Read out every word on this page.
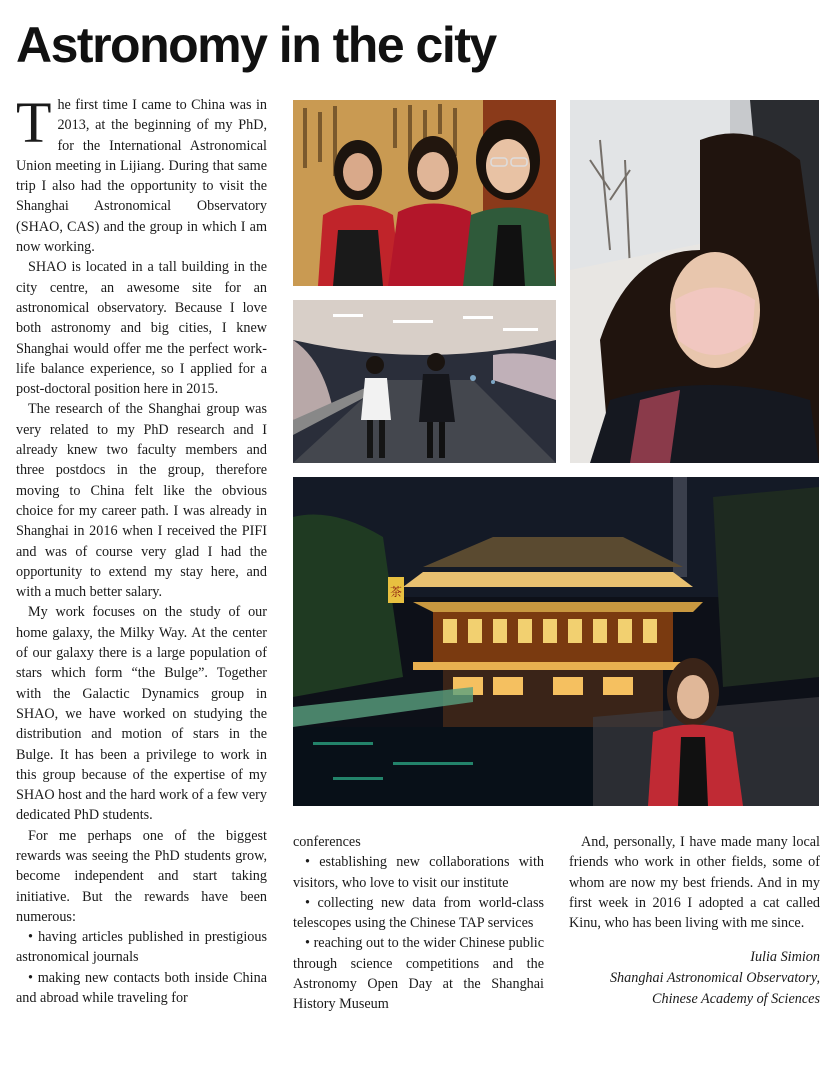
Astronomy in the city

The first time I came to China was in 2013, at the beginning of my PhD, for the International Astronomical Union meeting in Lijiang. During that same trip I also had the opportunity to visit the Shanghai Astronomical Observatory (SHAO, CAS) and the group in which I am now working.

SHAO is located in a tall building in the city centre, an awesome site for an astronomical observatory. Because I love both astronomy and big cities, I knew Shanghai would offer me the perfect work-life balance experience, so I applied for a post-doctoral position here in 2015.

The research of the Shanghai group was very related to my PhD research and I already knew two faculty members and three postdocs in the group, therefore moving to China felt like the obvious choice for my career path. I was already in Shanghai in 2016 when I received the PIFI and was of course very glad I had the opportunity to extend my stay here, and with a much better salary.

My work focuses on the study of our home galaxy, the Milky Way. At the center of our galaxy there is a large population of stars which form “the Bulge”. Together with the Galactic Dynamics group in SHAO, we have worked on studying the distribution and motion of stars in the Bulge. It has been a privilege to work in this group because of the expertise of my SHAO host and the hard work of a few very dedicated PhD students.

For me perhaps one of the biggest rewards was seeing the PhD students grow, become independent and start taking initiative. But the rewards have been numerous:

• having articles published in prestigious astronomical journals

• making new contacts both inside China and abroad while traveling for

conferences

• establishing new collaborations with visitors, who love to visit our institute

• collecting new data from world-class telescopes using the Chinese TAP services

• reaching out to the wider Chinese public through science competitions and the Astronomy Open Day at the Shanghai History Museum

And, personally, I have made many local friends who work in other fields, some of whom are now my best friends. And in my first week in 2016 I adopted a cat called Kinu, who has been living with me since.

Iulia Simion

Shanghai Astronomical Observatory,

Chinese Academy of Sciences

茶
